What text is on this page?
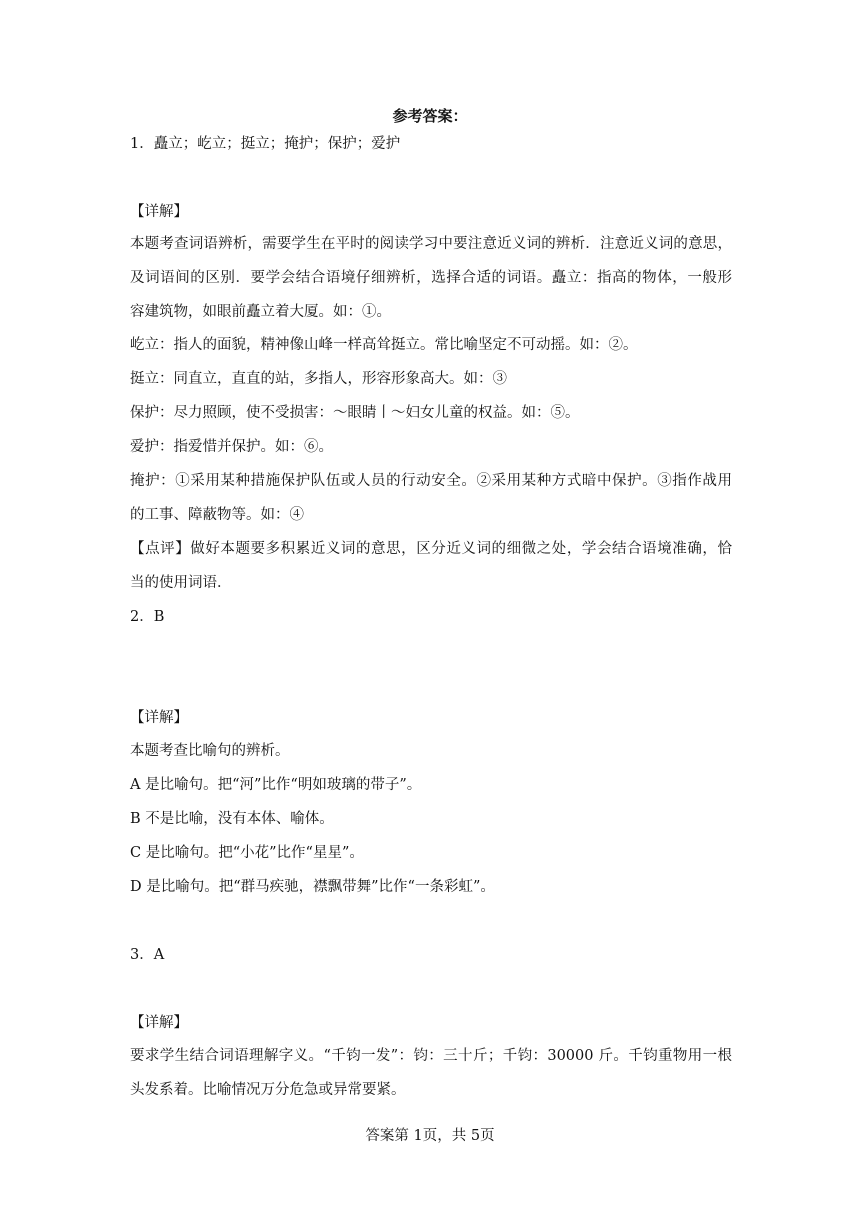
参考答案：
1．矗立；屹立；挺立；掩护；保护；爱护
【详解】
本题考查词语辨析，需要学生在平时的阅读学习中要注意近义词的辨析．注意近义词的意思，
及词语间的区别．要学会结合语境仔细辨析，选择合适的词语。矗立：指高的物体，一般形
容建筑物，如眼前矗立着大厦。如：①。
屹立：指人的面貌，精神像山峰一样高耸挺立。常比喻坚定不可动摇。如：②。
挺立：同直立，直直的站，多指人，形容形象高大。如：③
保护：尽力照顾，使不受损害：～眼睛丨～妇女儿童的权益。如：⑤。
爱护：指爱惜并保护。如：⑥。
掩护：①采用某种措施保护队伍或人员的行动安全。②采用某种方式暗中保护。③指作战用
的工事、障蔽物等。如：④
【点评】做好本题要多积累近义词的意思，区分近义词的细微之处，学会结合语境准确，恰
当的使用词语．
2．B
【详解】
本题考查比喻句的辨析。
A 是比喻句。把“河”比作“明如玻璃的带子”。
B 不是比喻，没有本体、喻体。
C 是比喻句。把“小花”比作“星星”。
D 是比喻句。把“群马疾驰，襟飘带舞”比作“一条彩虹”。
3．A
【详解】
要求学生结合词语理解字义。“千钧一发”：钧：三十斤；千钧：30000 斤。千钧重物用一根
头发系着。比喻情况万分危急或异常要紧。
答案第 1页，共 5页
